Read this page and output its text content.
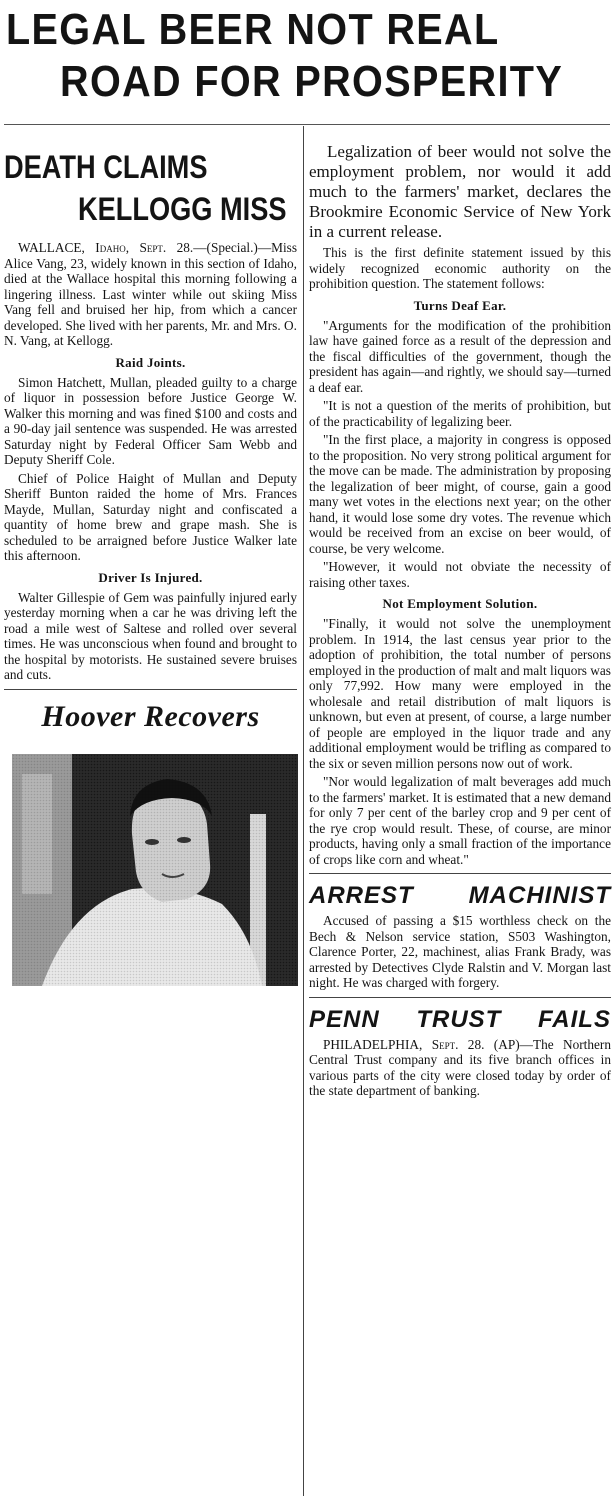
LEGAL BEER NOT REAL
ROAD FOR PROSPERITY
DEATH CLAIMS
KELLOGG MISS

WALLACE, Idaho, Sept. 28.—(Special.)—Miss Alice Vang, 23, widely known in this section of Idaho, died at the Wallace hospital this morning following a lingering illness. Last winter while out skiing Miss Vang fell and bruised her hip, from which a cancer developed. She lived with her parents, Mr. and Mrs. O. N. Vang, at Kellogg.

Raid Joints.

Simon Hatchett, Mullan, pleaded guilty to a charge of liquor in possession before Justice George W. Walker this morning and was fined $100 and costs and a 90-day jail sentence was suspended. He was arrested Saturday night by Federal Officer Sam Webb and Deputy Sheriff Cole.

Chief of Police Haight of Mullan and Deputy Sheriff Bunton raided the home of Mrs. Frances Mayde, Mullan, Saturday night and confiscated a quantity of home brew and grape mash. She is scheduled to be arraigned before Justice Walker late this afternoon.

Driver Is Injured.

Walter Gillespie of Gem was painfully injured early yesterday morning when a car he was driving left the road a mile west of Saltese and rolled over several times. He was unconscious when found and brought to the hospital by motorists. He sustained severe bruises and cuts.

Hoover Recovers

Legalization of beer would not solve the employment problem, nor would it add much to the farmers' market, declares the Brookmire Economic Service of New York in a current release.

This is the first definite statement issued by this widely recognized economic authority on the prohibition question. The statement follows:

Turns Deaf Ear.

"Arguments for the modification of the prohibition law have gained force as a result of the depression and the fiscal difficulties of the government, though the president has again—and rightly, we should say—turned a deaf ear.

"It is not a question of the merits of prohibition, but of the practicability of legalizing beer.

"In the first place, a majority in congress is opposed to the proposition. No very strong political argument for the move can be made. The administration by proposing the legalization of beer might, of course, gain a good many wet votes in the elections next year; on the other hand, it would lose some dry votes. The revenue which would be received from an excise on beer would, of course, be very welcome.

"However, it would not obviate the necessity of raising other taxes.

Not Employment Solution.

"Finally, it would not solve the unemployment problem. In 1914, the last census year prior to the adoption of prohibition, the total number of persons employed in the production of malt and malt liquors was only 77,992. How many were employed in the wholesale and retail distribution of malt liquors is unknown, but even at present, of course, a large number of people are employed in the liquor trade and any additional employment would be trifling as compared to the six or seven million persons now out of work.

"Nor would legalization of malt beverages add much to the farmers' market. It is estimated that a new demand for only 7 per cent of the barley crop and 9 per cent of the rye crop would result. These, of course, are minor products, having only a small fraction of the importance of crops like corn and wheat."

ARREST MACHINIST

Accused of passing a $15 worthless check on the Bech & Nelson service station, S503 Washington, Clarence Porter, 22, machinest, alias Frank Brady, was arrested by Detectives Clyde Ralstin and V. Morgan last night. He was charged with forgery.

PENN TRUST FAILS

PHILADELPHIA, Sept. 28. (AP)—The Northern Central Trust company and its five branch offices in various parts of the city were closed today by order of the state department of banking.
